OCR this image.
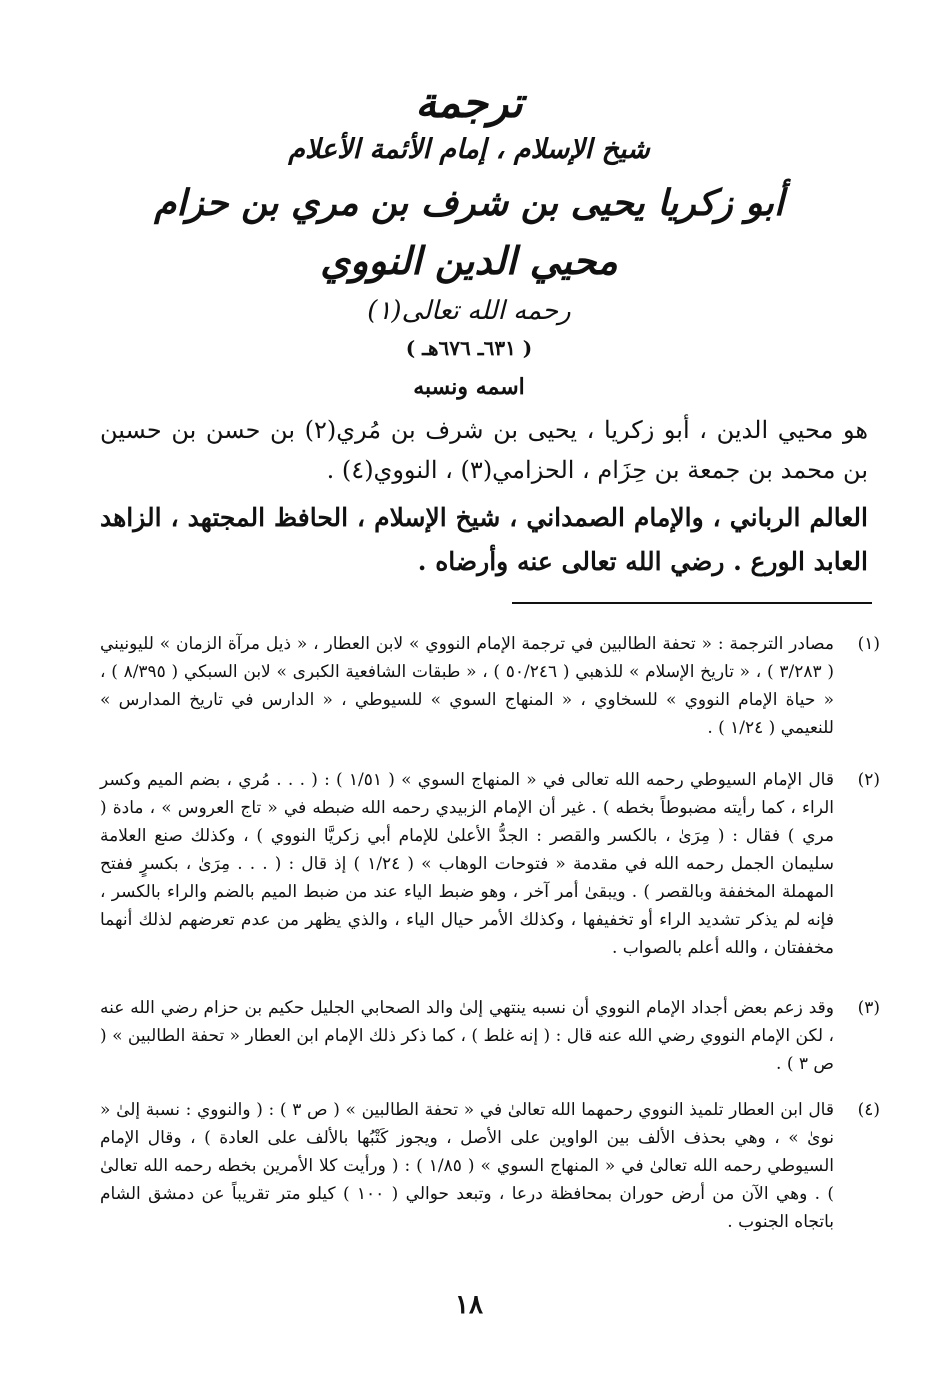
ترجمة
شيخ الإسلام ، إمام الأئمة الأعلام
أبو زكريا يحيى بن شرف بن مري بن حزام
محيي الدين النووي
رحمه الله تعالى(١)
( ٦٣١ـ ٦٧٦هـ )
اسمه ونسبه
هو محيي الدين ، أبو زكريا ، يحيى بن شرف بن مُري(٢) بن حسن بن حسين بن محمد بن جمعة بن حِزَام ، الحزامي(٣) ، النووي(٤) .
العالم الرباني ، والإمام الصمداني ، شيخ الإسلام ، الحافظ المجتهد ، الزاهد العابد الورع . رضي الله تعالى عنه وأرضاه .
(١)
مصادر الترجمة : « تحفة الطالبين في ترجمة الإمام النووي » لابن العطار ، « ذيل مرآة الزمان » لليونيني ( ٣/٢٨٣ ) ، « تاريخ الإسلام » للذهبي ( ٥٠/٢٤٦ ) ، « طبقات الشافعية الكبرى » لابن السبكي ( ٨/٣٩٥ ) ، « حياة الإمام النووي » للسخاوي ، « المنهاج السوي » للسيوطي ، « الدارس في تاريخ المدارس » للنعيمي ( ١/٢٤ ) .
(٢)
قال الإمام السيوطي رحمه الله تعالى في « المنهاج السوي » ( ١/٥١ ) : ( . . . مُري ، بضم الميم وكسر الراء ، كما رأيته مضبوطاً بخطه ) . غير أن الإمام الزبيدي رحمه الله ضبطه في « تاج العروس » ، مادة ( مري ) فقال : ( مِرَىٰ ، بالكسر والقصر : الجدُّ الأعلىٰ للإمام أبي زكريَّا النووي ) ، وكذلك صنع العلامة سليمان الجمل رحمه الله في مقدمة « فتوحات الوهاب » ( ١/٢٤ ) إذ قال : ( . . . مِرَىٰ ، بكسرٍ ففتح المهملة المخففة وبالقصر ) . ويبقىٰ أمر آخر ، وهو ضبط الياء عند من ضبط الميم بالضم والراء بالكسر ، فإنه لم يذكر تشديد الراء أو تخفيفها ، وكذلك الأمر حيال الياء ، والذي يظهر من عدم تعرضهم لذلك أنهما مخففتان ، والله أعلم بالصواب .
(٣)
وقد زعم بعض أجداد الإمام النووي أن نسبه ينتهي إلىٰ والد الصحابي الجليل حكيم بن حزام رضي الله عنه ، لكن الإمام النووي رضي الله عنه قال : ( إنه غلط ) ، كما ذكر ذلك الإمام ابن العطار « تحفة الطالبين » ( ص ٣ ) .
(٤)
قال ابن العطار تلميذ النووي رحمهما الله تعالىٰ في « تحفة الطالبين » ( ص ٣ ) : ( والنووي : نسبة إلىٰ « نوىٰ » ، وهي بحذف الألف بين الواوين على الأصل ، ويجوز كَتْبُها بالألف على العادة ) ، وقال الإمام السيوطي رحمه الله تعالىٰ في « المنهاج السوي » ( ١/٨٥ ) : ( ورأيت كلا الأمرين بخطه رحمه الله تعالىٰ ) . وهي الآن من أرض حوران بمحافظة درعا ، وتبعد حوالي ( ١٠٠ ) كيلو متر تقريباً عن دمشق الشام باتجاه الجنوب .
١٨
